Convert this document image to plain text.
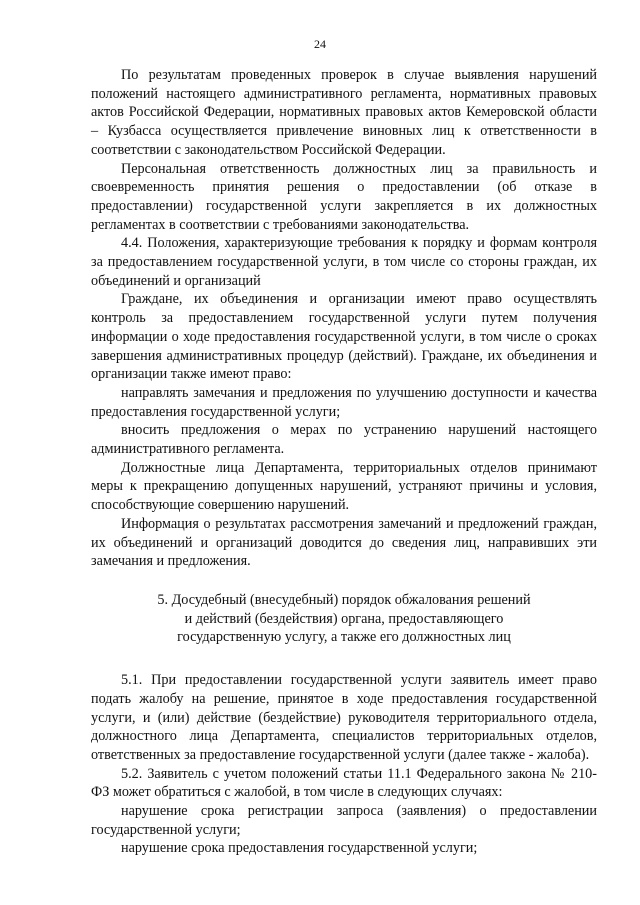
24

По результатам проведенных проверок в случае выявления нарушений положений настоящего административного регламента, нормативных правовых актов Российской Федерации, нормативных правовых актов Кемеровской области – Кузбасса осуществляется привлечение виновных лиц к ответственности в соответствии с законодательством Российской Федерации.

Персональная ответственность должностных лиц за правильность и своевременность принятия решения о предоставлении (об отказе в предоставлении) государственной услуги закрепляется в их должностных регламентах в соответствии с требованиями законодательства.

4.4. Положения, характеризующие требования к порядку и формам контроля за предоставлением государственной услуги, в том числе со стороны граждан, их объединений и организаций

Граждане, их объединения и организации имеют право осуществлять контроль за предоставлением государственной услуги путем получения информации о ходе предоставления государственной услуги, в том числе о сроках завершения административных процедур (действий). Граждане, их объединения и организации также имеют право:

направлять замечания и предложения по улучшению доступности и качества предоставления государственной услуги;

вносить предложения о мерах по устранению нарушений настоящего административного регламента.

Должностные лица Департамента, территориальных отделов принимают меры к прекращению допущенных нарушений, устраняют причины и условия, способствующие совершению нарушений.

Информация о результатах рассмотрения замечаний и предложений граждан, их объединений и организаций доводится до сведения лиц, направивших эти замечания и предложения.

5. Досудебный (внесудебный) порядок обжалования решений
и действий (бездействия) органа, предоставляющего
государственную услугу, а также его должностных лиц

5.1. При предоставлении государственной услуги заявитель имеет право подать жалобу на решение, принятое в ходе предоставления государственной услуги, и (или) действие (бездействие) руководителя территориального отдела, должностного лица Департамента, специалистов территориальных отделов, ответственных за предоставление государственной услуги (далее также - жалоба).

5.2. Заявитель с учетом положений статьи 11.1 Федерального закона № 210-ФЗ может обратиться с жалобой, в том числе в следующих случаях:

нарушение срока регистрации запроса (заявления) о предоставлении государственной услуги;

нарушение срока предоставления государственной услуги;
